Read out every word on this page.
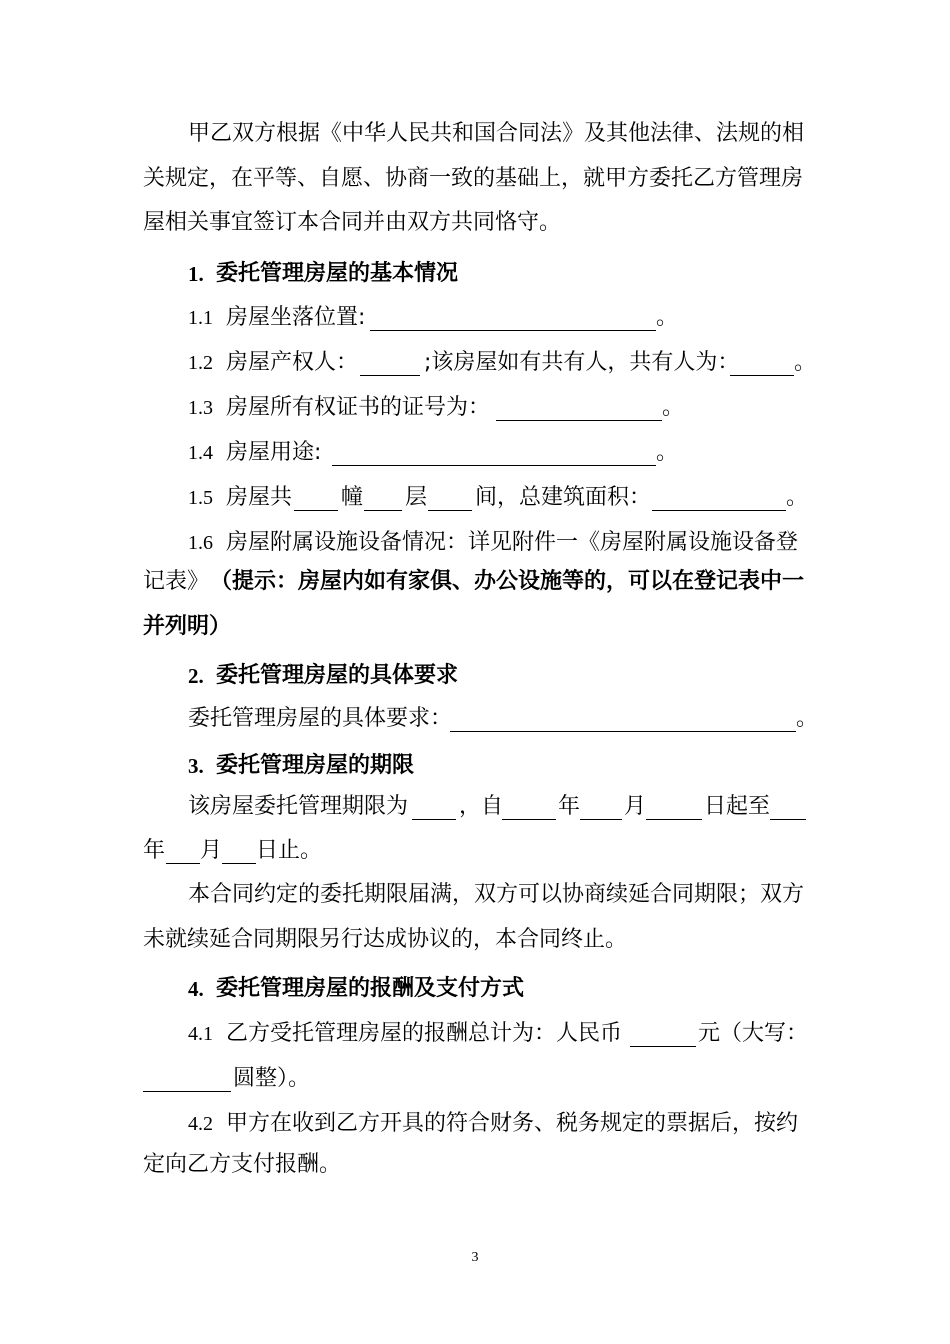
甲乙双方根据《中华人民共和国合同法》及其他法律、法规的相
关规定，在平等、自愿、协商一致的基础上，就甲方委托乙方管理房
屋相关事宜签订本合同并由双方共同恪守。
1. 委托管理房屋的基本情况
1.1 房屋坐落位置:	。
1.2 房屋产权人：	;该房屋如有共有人，共有人为： 。
1.3 房屋所有权证书的证号为：	。
1.4 房屋用途:	。
1.5 房屋共 幢 层 间，总建筑面积：	。
1.6 房屋附属设施设备情况：详见附件一《房屋附属设施设备登
记表》 （提示：房屋内如有家俱、办公设施等的，可以在登记表中一
并列明）
2. 委托管理房屋的具体要求
委托管理房屋的具体要求：	。
3. 委托管理房屋的期限
该房屋委托管理期限为 ，自 年 月	日起至
年 月 日止。
本合同约定的委托期限届满，双方可以协商续延合同期限；双方
未就续延合同期限另行达成协议的，本合同终止。
4. 委托管理房屋的报酬及支付方式
4.1 乙方受托管理房屋的报酬总计为：人民币	元（大写：
圆整）。
4.2 甲方在收到乙方开具的符合财务、税务规定的票据后，按约
定向乙方支付报酬。
3
